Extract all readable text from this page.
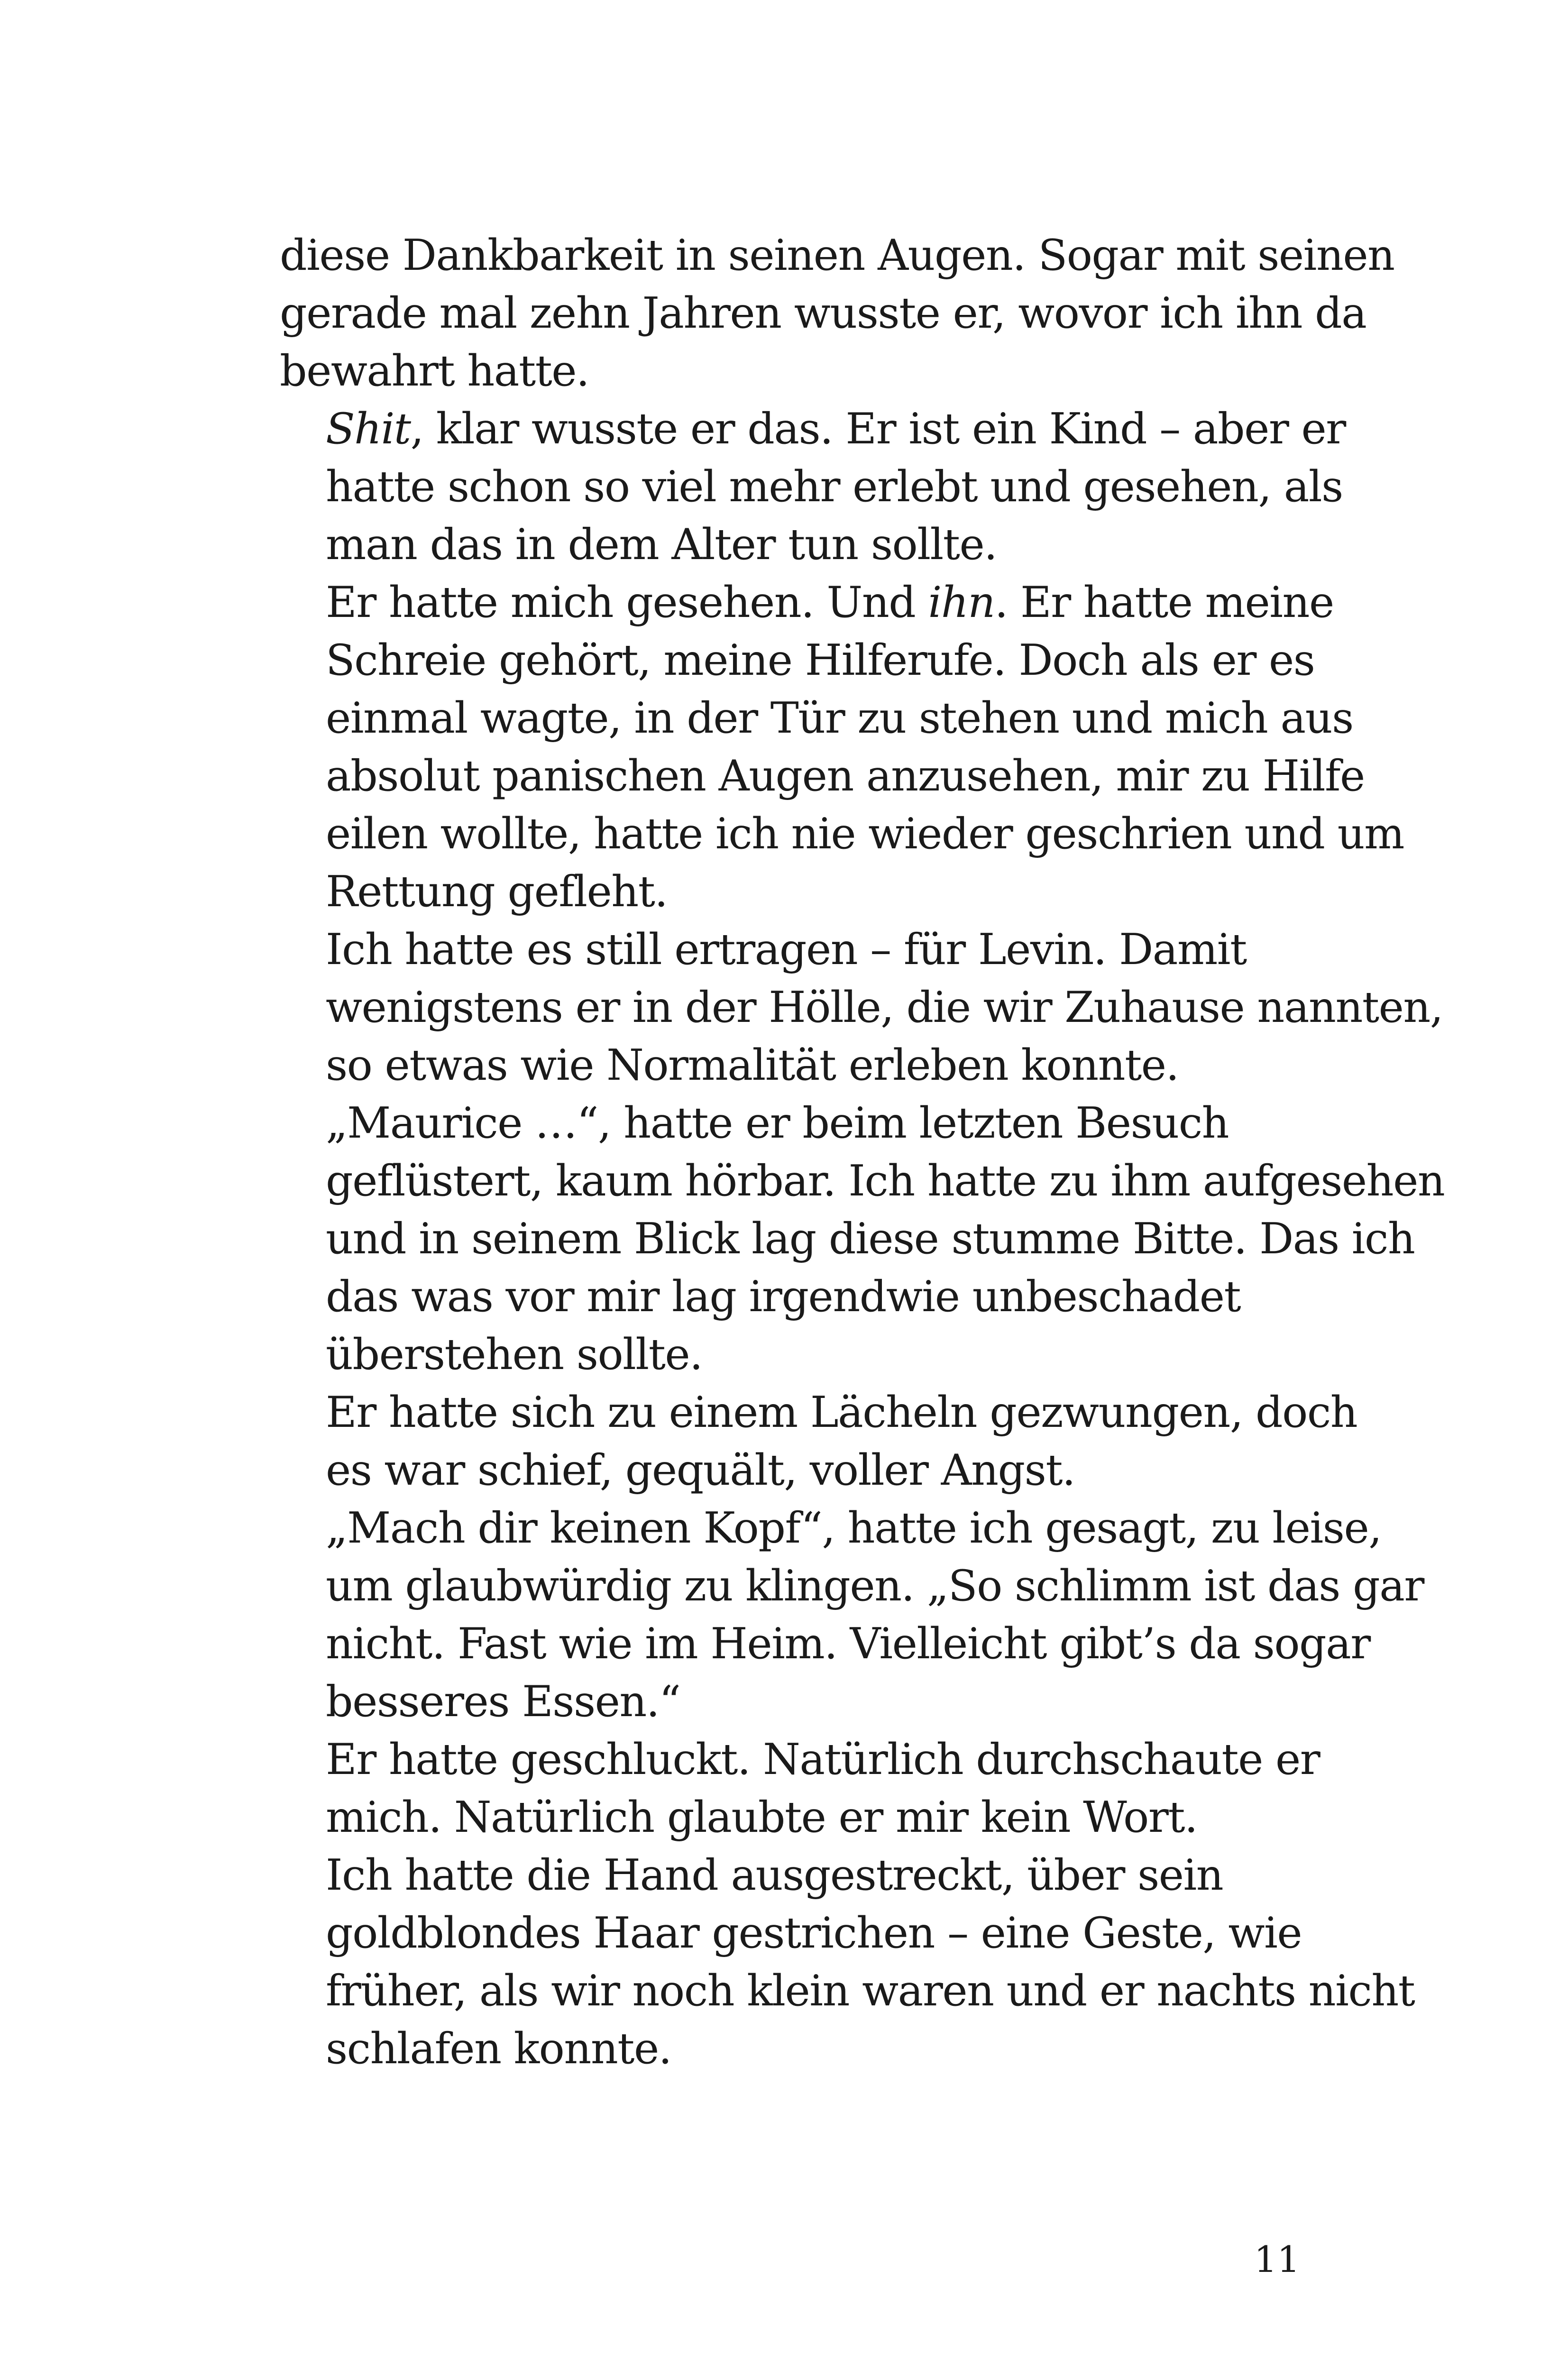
diese Dankbarkeit in seinen Augen. Sogar mit seinen
gerade mal zehn Jahren wusste er, wovor ich ihn da
bewahrt hatte.

Shit, klar wusste er das. Er ist ein Kind – aber er
hatte schon so viel mehr erlebt und gesehen, als
man das in dem Alter tun sollte.

Er hatte mich gesehen. Und ihn. Er hatte meine
Schreie gehört, meine Hilferufe. Doch als er es
einmal wagte, in der Tür zu stehen und mich aus
absolut panischen Augen anzusehen, mir zu Hilfe
eilen wollte, hatte ich nie wieder geschrien und um
Rettung gefleht.

Ich hatte es still ertragen – für Levin. Damit
wenigstens er in der Hölle, die wir Zuhause nannten,
so etwas wie Normalität erleben konnte.

„Maurice …“, hatte er beim letzten Besuch
geflüstert, kaum hörbar. Ich hatte zu ihm aufgesehen
und in seinem Blick lag diese stumme Bitte. Das ich
das was vor mir lag irgendwie unbeschadet
überstehen sollte.

Er hatte sich zu einem Lächeln gezwungen, doch
es war schief, gequält, voller Angst.

„Mach dir keinen Kopf“, hatte ich gesagt, zu leise,
um glaubwürdig zu klingen. „So schlimm ist das gar
nicht. Fast wie im Heim. Vielleicht gibt’s da sogar
besseres Essen.“

Er hatte geschluckt. Natürlich durchschaute er
mich. Natürlich glaubte er mir kein Wort.

Ich hatte die Hand ausgestreckt, über sein
goldblondes Haar gestrichen – eine Geste, wie
früher, als wir noch klein waren und er nachts nicht
schlafen konnte.

11
